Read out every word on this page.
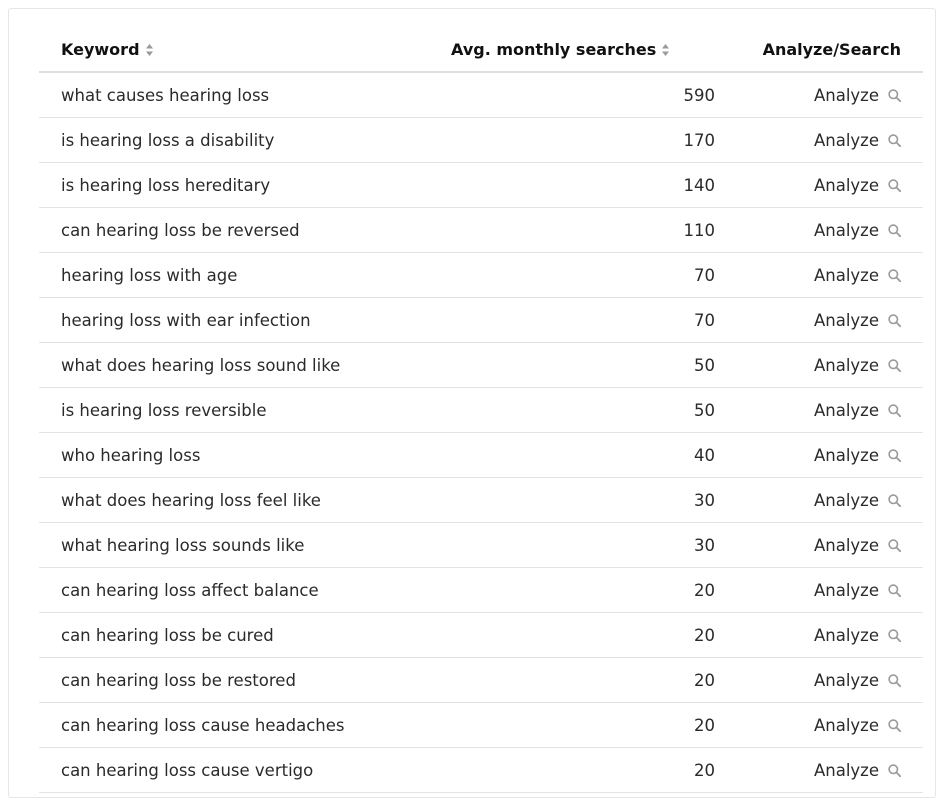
Keyword	Avg. monthly searches	Analyze/Search
what causes hearing loss	590	Analyze

is hearing loss a disability	170	Analyze

is hearing loss hereditary	140	Analyze

can hearing loss be reversed	110	Analyze

hearing loss with age	70	Analyze

hearing loss with ear infection	70	Analyze

what does hearing loss sound like	50	Analyze

is hearing loss reversible	50	Analyze

who hearing loss	40	Analyze

what does hearing loss feel like	30	Analyze

what hearing loss sounds like	30	Analyze

can hearing loss affect balance	20	Analyze

can hearing loss be cured	20	Analyze

can hearing loss be restored	20	Analyze

can hearing loss cause headaches	20	Analyze

can hearing loss cause vertigo	20	Analyze
